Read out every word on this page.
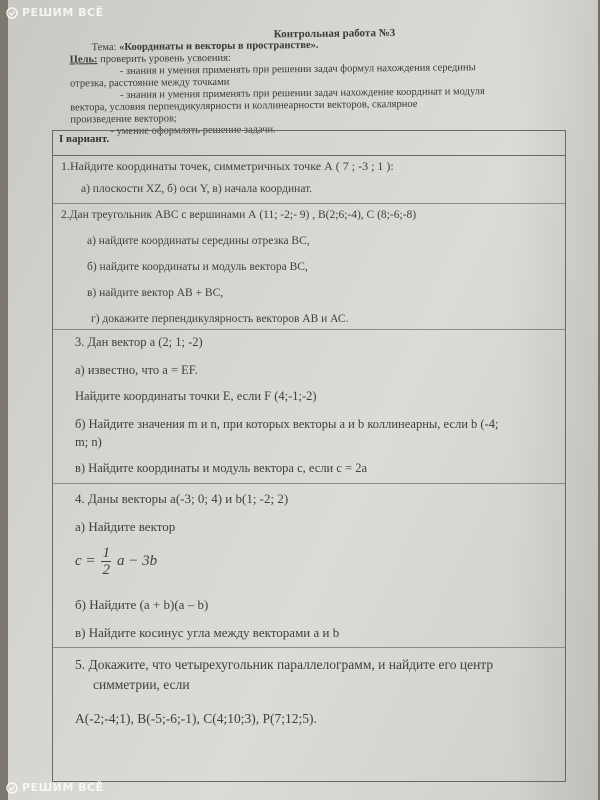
РЕШИМ ВСЁ
РЕШИМ ВСЁ
Контрольная работа №3
Тема: «Координаты и векторы в пространстве».
Цель: проверить уровень усвоения:
- знания и умения применять при решении задач формул нахождения середины
отрезка, расстояние между точками
- знания и умения применять при решении задач нахождение координат и модуля
вектора, условия перпендикулярности и коллинеарности векторов, скалярное
произведение векторов;
- умение оформлять решение задачи.
I вариант.
1.Найдите координаты точек, симметричных точке А ( 7 ; -3 ; 1 ):
а) плоскости XZ, б) оси Y, в) начала координат.
2.Дан треугольник АВС с вершинами А (11; -2;- 9) , В(2;6;-4), С (8;-6;-8)
а) найдите координаты середины отрезка ВС,
б) найдите координаты и модуль вектора ВС,
в) найдите вектор АВ + ВС,
г) докажите перпендикулярность векторов АВ и АС.
3. Дан вектор a (2; 1; -2)
а) известно, что a = EF.
Найдите координаты точки E, если F (4;-1;-2)
б) Найдите значения m и n, при которых векторы a и b коллинеарны, если b (-4;
m; n)
в) Найдите координаты и модуль вектора c, если c = 2a
4. Даны векторы a(-3; 0; 4) и b(1; -2; 2)
а) Найдите вектор
$c = \frac{1}{2}$ a − 3b
б) Найдите (a + b)(a – b)
в) Найдите косинус угла между векторами a и b
5. Докажите, что четырехугольник параллелограмм, и найдите его центр
симметрии, если
A(-2;-4;1), B(-5;-6;-1), C(4;10;3), P(7;12;5).
